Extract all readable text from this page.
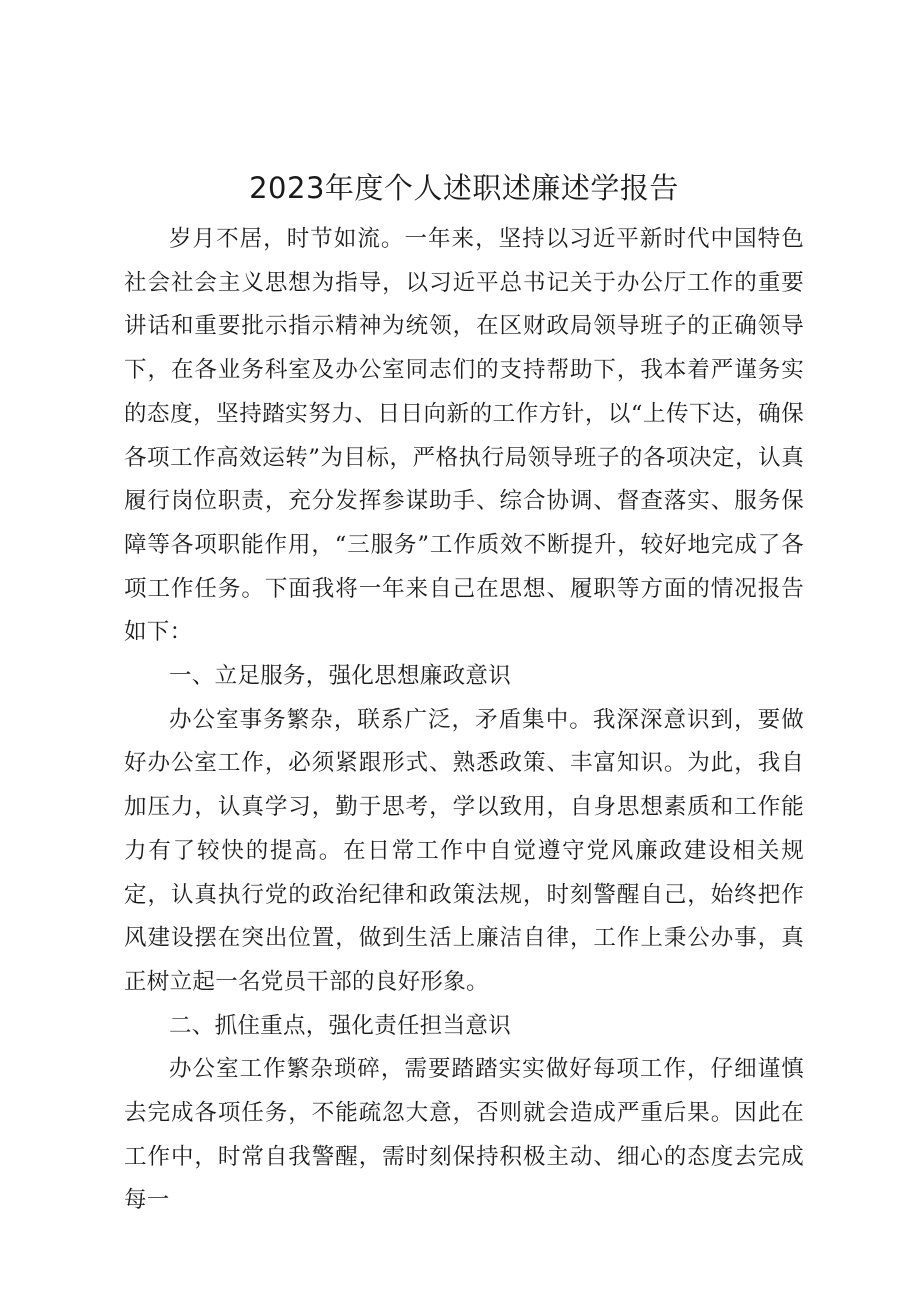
2023年度个人述职述廉述学报告

岁月不居，时节如流。一年来，坚持以习近平新时代中国特色社会社会主义思想为指导，以习近平总书记关于办公厅工作的重要讲话和重要批示指示精神为统领，在区财政局领导班子的正确领导下，在各业务科室及办公室同志们的支持帮助下，我本着严谨务实的态度，坚持踏实努力、日日向新的工作方针，以“上传下达，确保各项工作高效运转”为目标，严格执行局领导班子的各项决定，认真履行岗位职责，充分发挥参谋助手、综合协调、督查落实、服务保障等各项职能作用，“三服务”工作质效不断提升，较好地完成了各项工作任务。下面我将一年来自己在思想、履职等方面的情况报告如下：

一、立足服务，强化思想廉政意识

办公室事务繁杂，联系广泛，矛盾集中。我深深意识到，要做好办公室工作，必须紧跟形式、熟悉政策、丰富知识。为此，我自加压力，认真学习，勤于思考，学以致用，自身思想素质和工作能力有了较快的提高。在日常工作中自觉遵守党风廉政建设相关规定，认真执行党的政治纪律和政策法规，时刻警醒自己，始终把作风建设摆在突出位置，做到生活上廉洁自律，工作上秉公办事，真正树立起一名党员干部的良好形象。

二、抓住重点，强化责任担当意识

办公室工作繁杂琐碎，需要踏踏实实做好每项工作，仔细谨慎去完成各项任务，不能疏忽大意，否则就会造成严重后果。因此在工作中，时常自我警醒，需时刻保持积极主动、细心的态度去完成每一
